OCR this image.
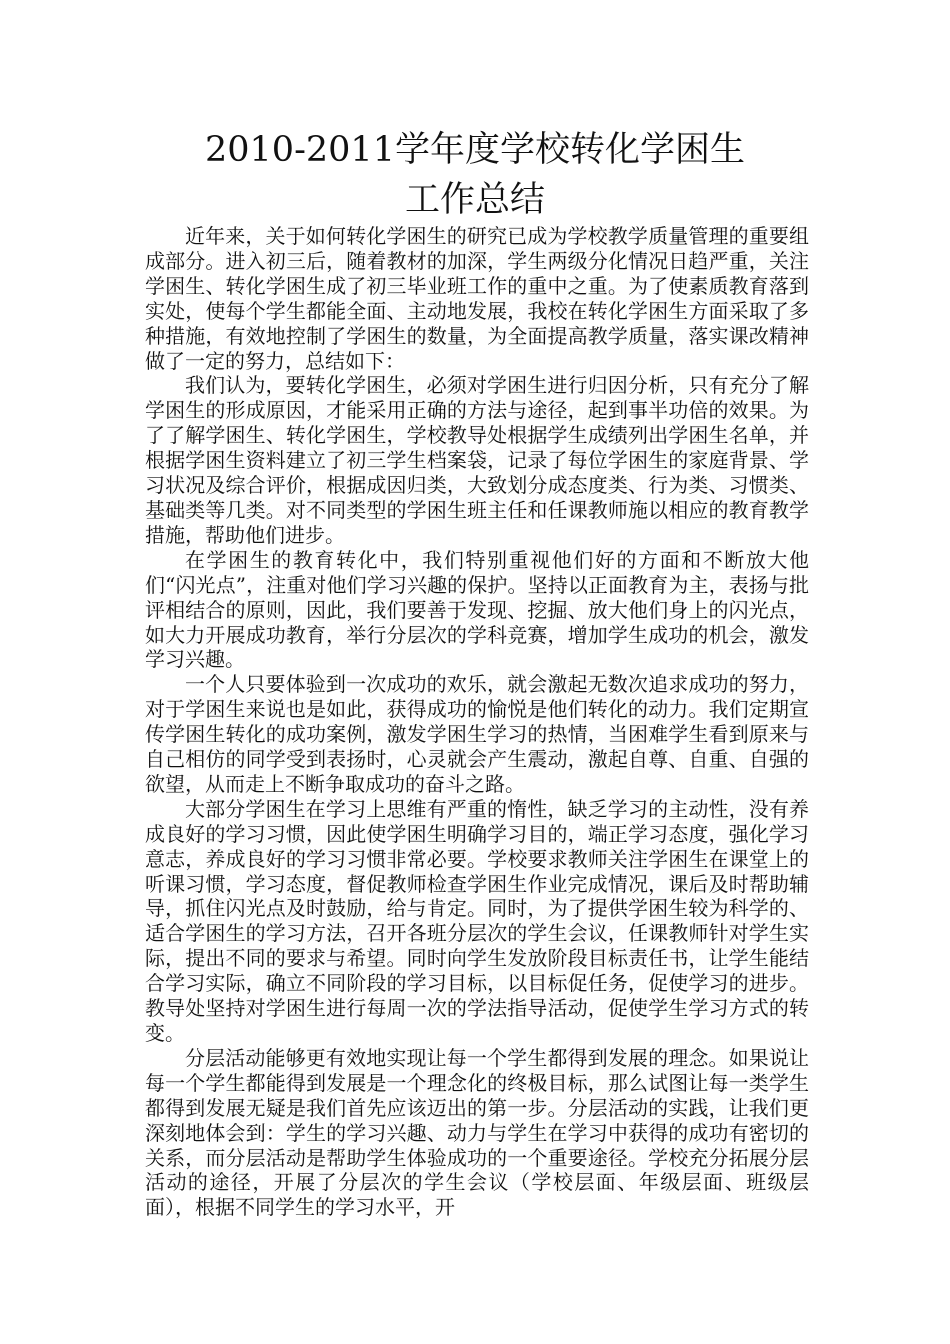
2010-2011学年度学校转化学困生
工作总结

近年来，关于如何转化学困生的研究已成为学校教学质量管理的重要组成部分。进入初三后，随着教材的加深，学生两级分化情况日趋严重，关注学困生、转化学困生成了初三毕业班工作的重中之重。为了使素质教育落到实处，使每个学生都能全面、主动地发展，我校在转化学困生方面采取了多种措施，有效地控制了学困生的数量，为全面提高教学质量，落实课改精神做了一定的努力，总结如下：

我们认为，要转化学困生，必须对学困生进行归因分析，只有充分了解学困生的形成原因，才能采用正确的方法与途径，起到事半功倍的效果。为了了解学困生、转化学困生，学校教导处根据学生成绩列出学困生名单，并根据学困生资料建立了初三学生档案袋，记录了每位学困生的家庭背景、学习状况及综合评价，根据成因归类，大致划分成态度类、行为类、习惯类、基础类等几类。对不同类型的学困生班主任和任课教师施以相应的教育教学措施，帮助他们进步。

在学困生的教育转化中，我们特别重视他们好的方面和不断放大他们“闪光点”，注重对他们学习兴趣的保护。坚持以正面教育为主，表扬与批评相结合的原则，因此，我们要善于发现、挖掘、放大他们身上的闪光点，如大力开展成功教育，举行分层次的学科竞赛，增加学生成功的机会，激发学习兴趣。

一个人只要体验到一次成功的欢乐，就会激起无数次追求成功的努力，对于学困生来说也是如此，获得成功的愉悦是他们转化的动力。我们定期宣传学困生转化的成功案例，激发学困生学习的热情，当困难学生看到原来与自己相仿的同学受到表扬时，心灵就会产生震动，激起自尊、自重、自强的欲望，从而走上不断争取成功的奋斗之路。

大部分学困生在学习上思维有严重的惰性，缺乏学习的主动性，没有养成良好的学习习惯，因此使学困生明确学习目的，端正学习态度，强化学习意志，养成良好的学习习惯非常必要。学校要求教师关注学困生在课堂上的听课习惯，学习态度，督促教师检查学困生作业完成情况，课后及时帮助辅导，抓住闪光点及时鼓励，给与肯定。同时，为了提供学困生较为科学的、适合学困生的学习方法，召开各班分层次的学生会议，任课教师针对学生实际，提出不同的要求与希望。同时向学生发放阶段目标责任书，让学生能结合学习实际，确立不同阶段的学习目标，以目标促任务，促使学习的进步。教导处坚持对学困生进行每周一次的学法指导活动，促使学生学习方式的转变。

分层活动能够更有效地实现让每一个学生都得到发展的理念。如果说让每一个学生都能得到发展是一个理念化的终极目标，那么试图让每一类学生都得到发展无疑是我们首先应该迈出的第一步。分层活动的实践，让我们更深刻地体会到：学生的学习兴趣、动力与学生在学习中获得的成功有密切的关系，而分层活动是帮助学生体验成功的一个重要途径。学校充分拓展分层活动的途径，开展了分层次的学生会议（学校层面、年级层面、班级层面），根据不同学生的学习水平，开
